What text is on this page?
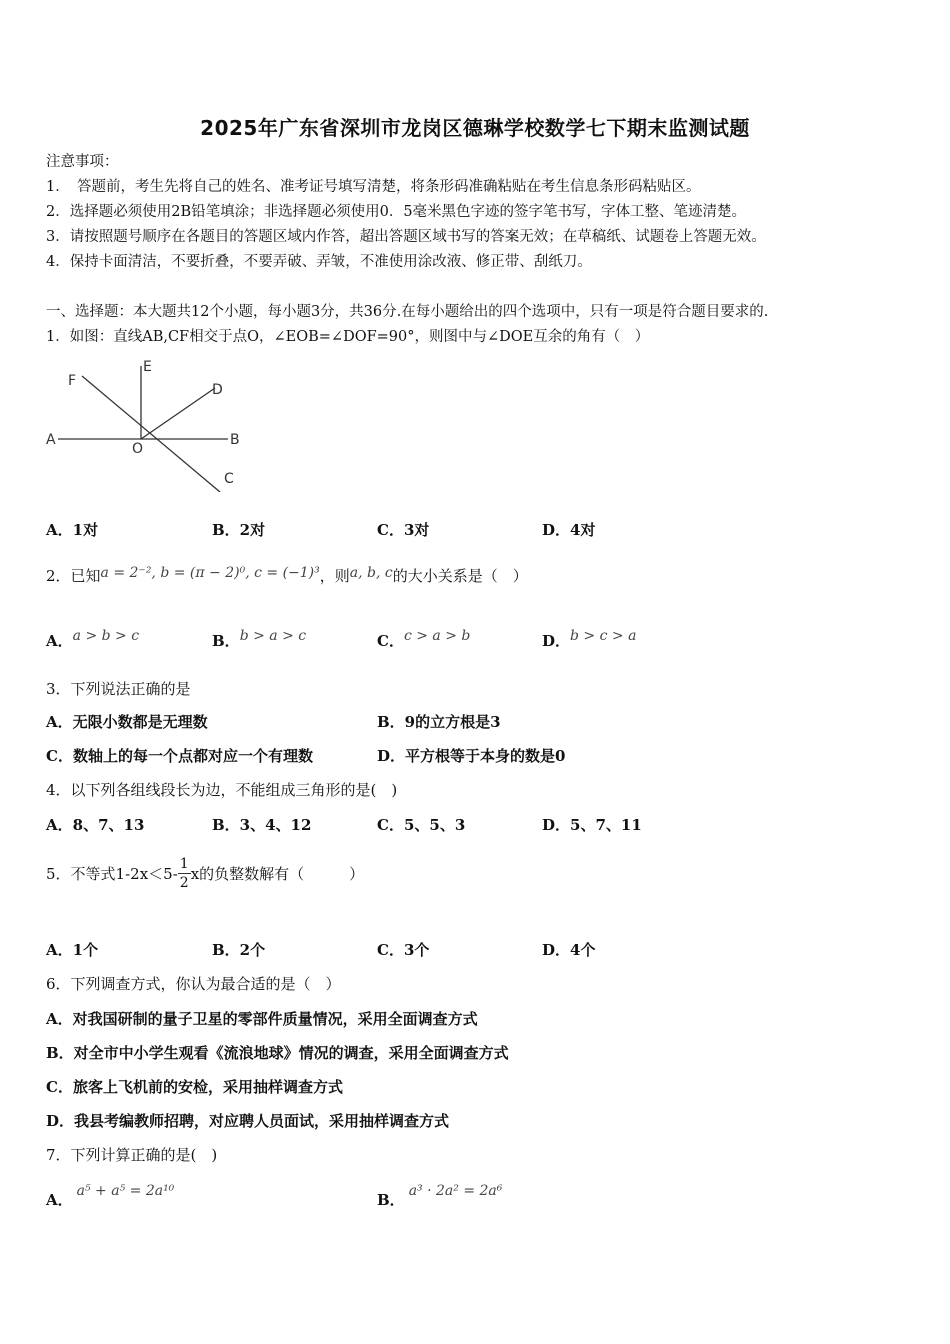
2025年广东省深圳市龙岗区德琳学校数学七下期末监测试题
注意事项：
1．　答题前，考生先将自己的姓名、准考证号填写清楚，将条形码准确粘贴在考生信息条形码粘贴区。
2．选择题必须使用2B铅笔填涂；非选择题必须使用0．5毫米黑色字迹的签字笔书写，字体工整、笔迹清楚。
3．请按照题号顺序在各题目的答题区域内作答，超出答题区域书写的答案无效；在草稿纸、试题卷上答题无效。
4．保持卡面清洁，不要折叠，不要弄破、弄皱，不准使用涂改液、修正带、刮纸刀。
一、选择题：本大题共12个小题，每小题3分，共36分.在每小题给出的四个选项中，只有一项是符合题目要求的.
1．如图：直线AB,CF相交于点O，∠EOB=∠DOF=90°，则图中与∠DOE互余的角有（　）
A	B
C
D
E
F
O
A．1对	B．2对	C．3对	D．4对
2．已知a = 2⁻², b = (π − 2)⁰, c = (−1)³，则a, b, c的大小关系是（　）
A．a > b > c	B．b > a > c	C．c > a > b	D．b > c > a
3．下列说法正确的是
A．无限小数都是无理数	B．9的立方根是3
C．数轴上的每一个点都对应一个有理数	D．平方根等于本身的数是0
4．以下列各组线段长为边，不能组成三角形的是(　)
A．8、7、13	B．3、4、12	C．5、5、3	D．5、7、11
5．不等式$1-2x<5- \frac{1}{2}$ x的负整数解有（　　　）
A．1个	B．2个	C．3个	D．4个
6．下列调查方式，你认为最合适的是（　）
A．对我国研制的量子卫星的零部件质量情况，采用全面调查方式
B．对全市中小学生观看《流浪地球》情况的调查，采用全面调查方式
C．旅客上飞机前的安检，采用抽样调查方式
D．我县考编教师招聘，对应聘人员面试，采用抽样调查方式
7．下列计算正确的是(　)
A． a⁵ + a⁵ = 2a¹⁰	B． a³ · 2a² = 2a⁶
